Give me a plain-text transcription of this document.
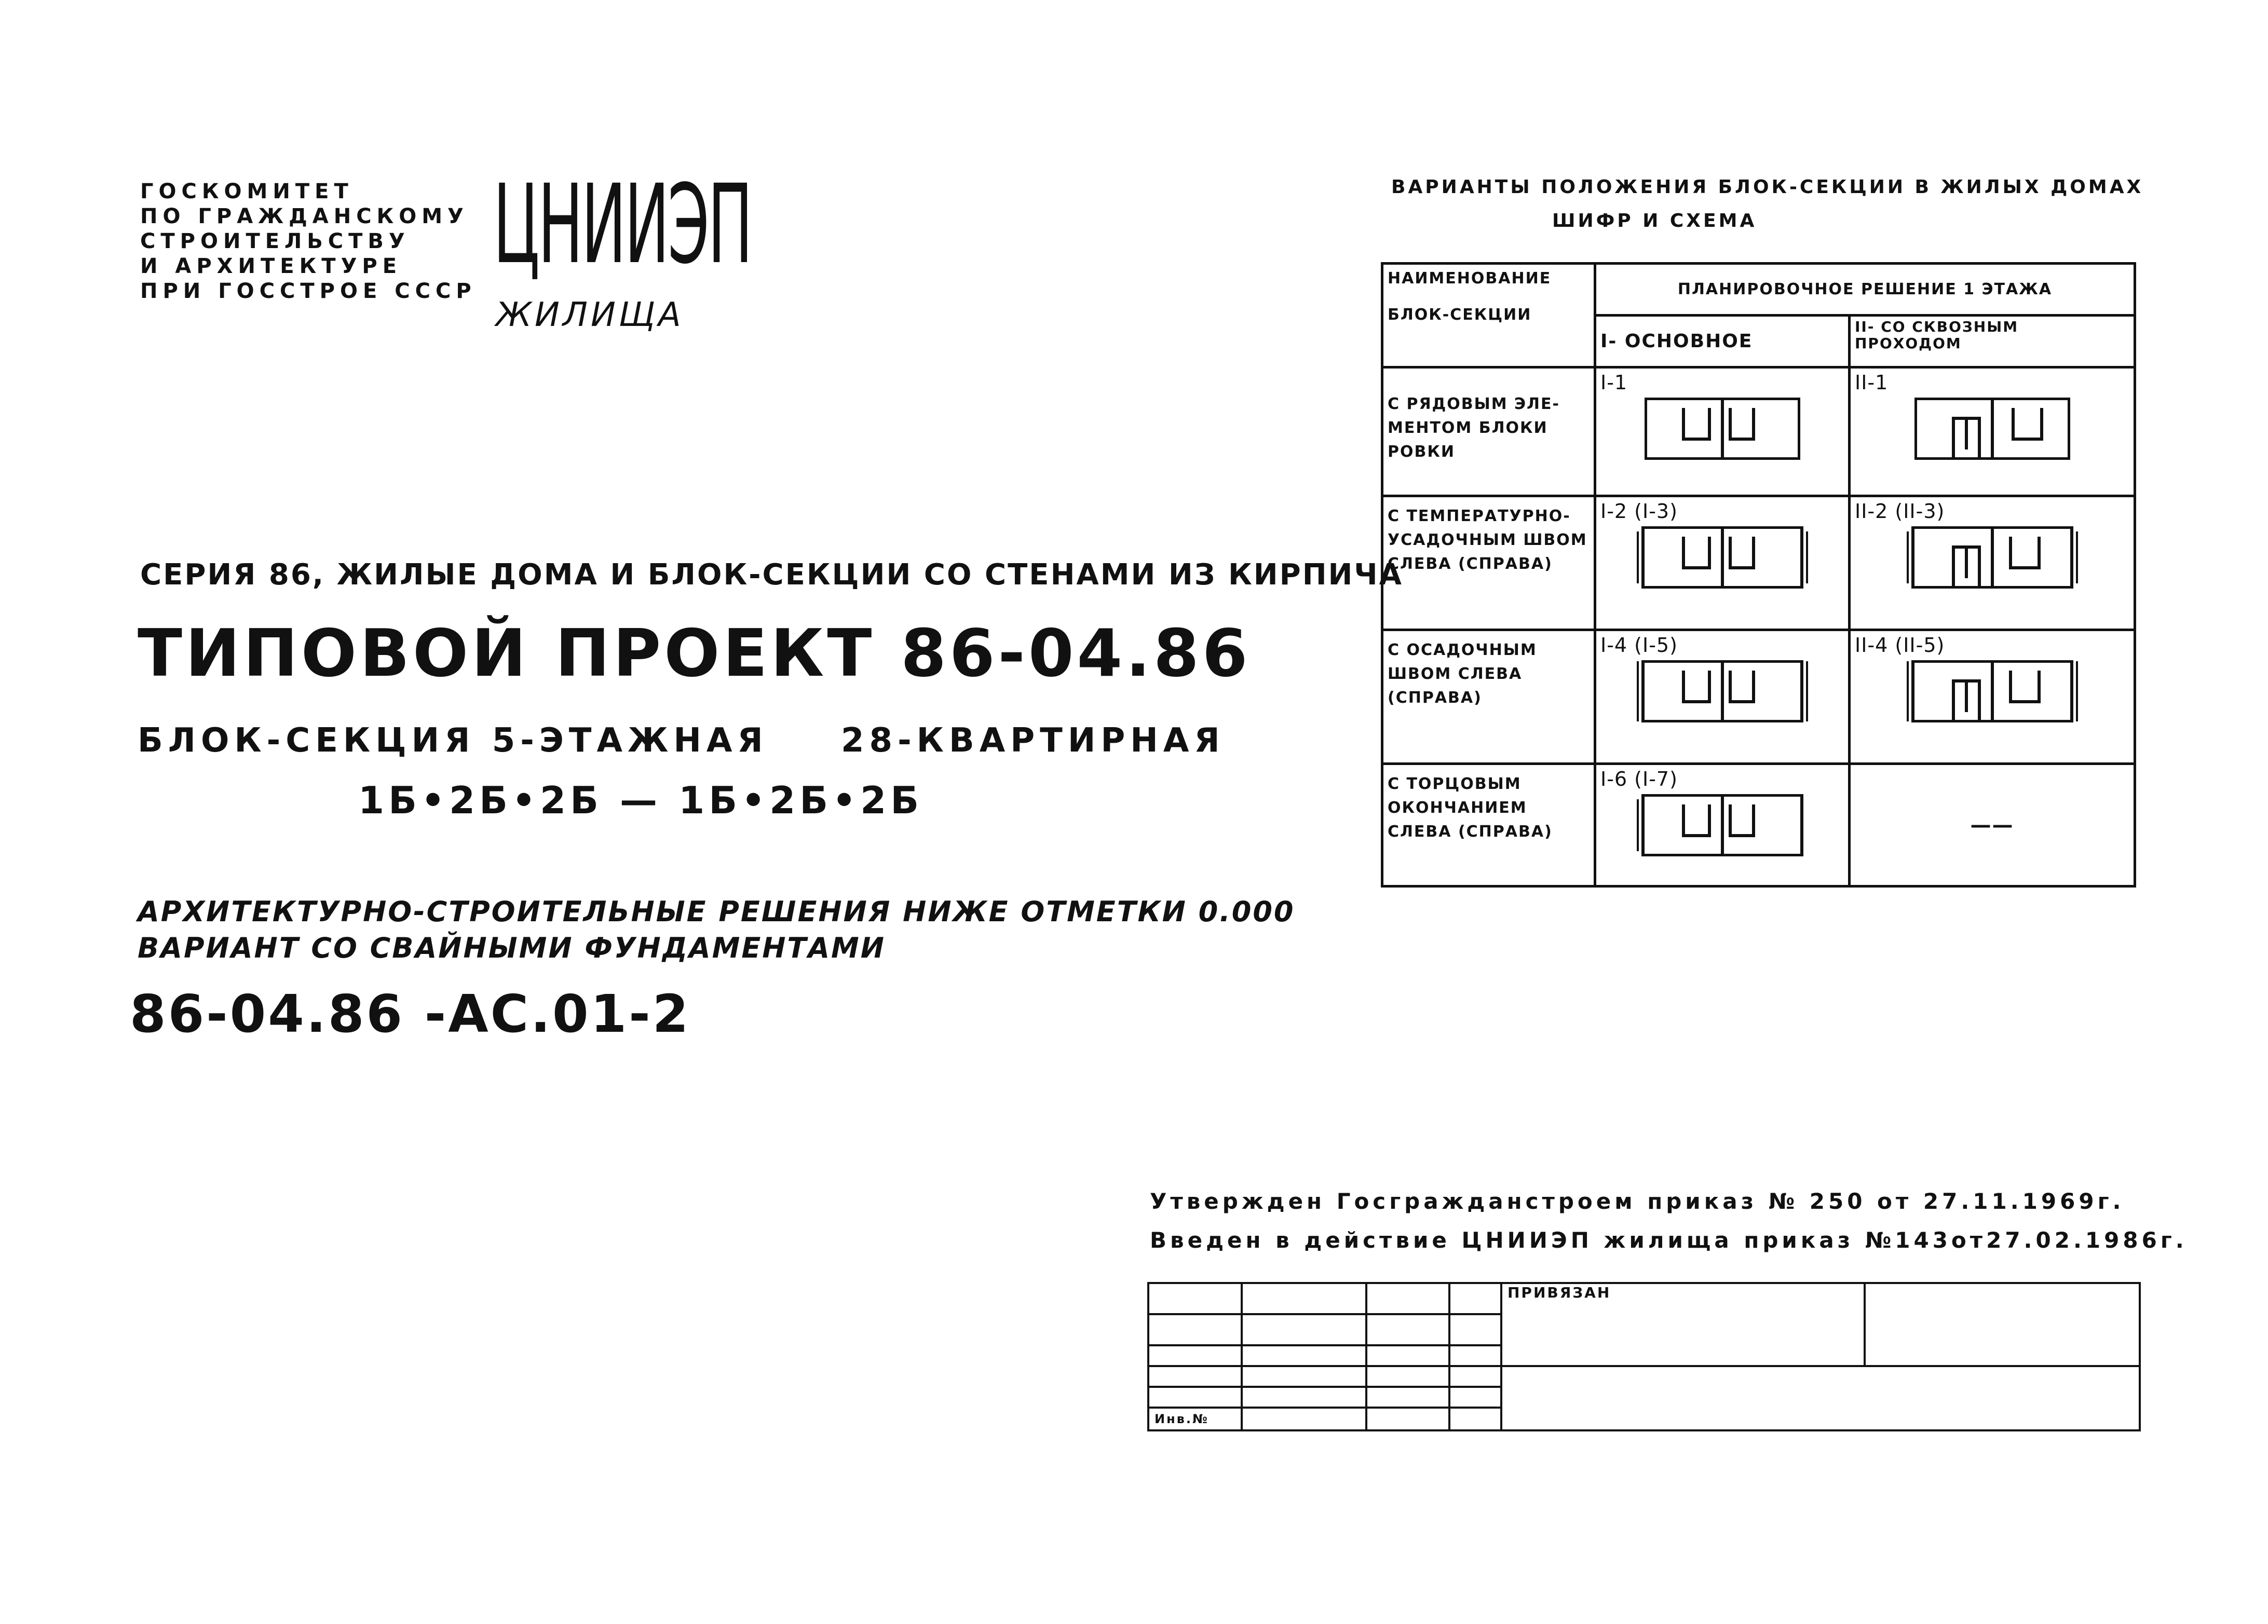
ГОСКОМИТЕТ
ПО ГРАЖДАНСКОМУ
СТРОИТЕЛЬСТВУ
И АРХИТЕКТУРЕ
ПРИ ГОССТРОЕ СССР
ЦНИИЭП
ЖИЛИЩА
СЕРИЯ 86, ЖИЛЫЕ ДОМА И БЛОК-СЕКЦИИ СО СТЕНАМИ ИЗ КИРПИЧА
ТИПОВОЙ ПРОЕКТ 86-04.86
БЛОК-СЕКЦИЯ 5-ЭТАЖНАЯ 28-КВАРТИРНАЯ
1Б•2Б•2Б — 1Б•2Б•2Б
АРХИТЕКТУРНО-СТРОИТЕЛЬНЫЕ РЕШЕНИЯ НИЖЕ ОТМЕТКИ 0.000
ВАРИАНТ СО СВАЙНЫМИ ФУНДАМЕНТАМИ
86-04.86 -АС.01-2
ВАРИАНТЫ ПОЛОЖЕНИЯ БЛОК-СЕКЦИИ В ЖИЛЫХ ДОМАХ
ШИФР И СХЕМА
НАИМЕНОВАНИЕ
БЛОК-СЕКЦИИ	ПЛАНИРОВОЧНОЕ РЕШЕНИЕ 1 ЭТАЖА	
	I- ОСНОВНОЕ	II- СО СКВОЗНЫМ ПРОХОДОМ
С РЯДОВЫМ ЭЛЕ-МЕНТОМ БЛОКИ РОВКИ	I-1	II-1

С ТЕМПЕРАТУРНО-УСАДОЧНЫМ ШВОМ СЛЕВА (СПРАВА)	I-2 (I-3)	II-2 (II-3)

С ОСАДОЧНЫМ ШВОМ СЛЕВА (СПРАВА)	I-4 (I-5)	II-4 (II-5)

С ТОРЦОВЫМ ОКОНЧАНИЕМ СЛЕВА (СПРАВА)	I-6 (I-7)	——
Утвержден Госгражданстроем приказ № 250 от 27.11.1969г.
Введен в действие ЦНИИЭП жилища приказ №143от27.02.1986г.
				ПРИВЯЗАН	

Инв.№					
